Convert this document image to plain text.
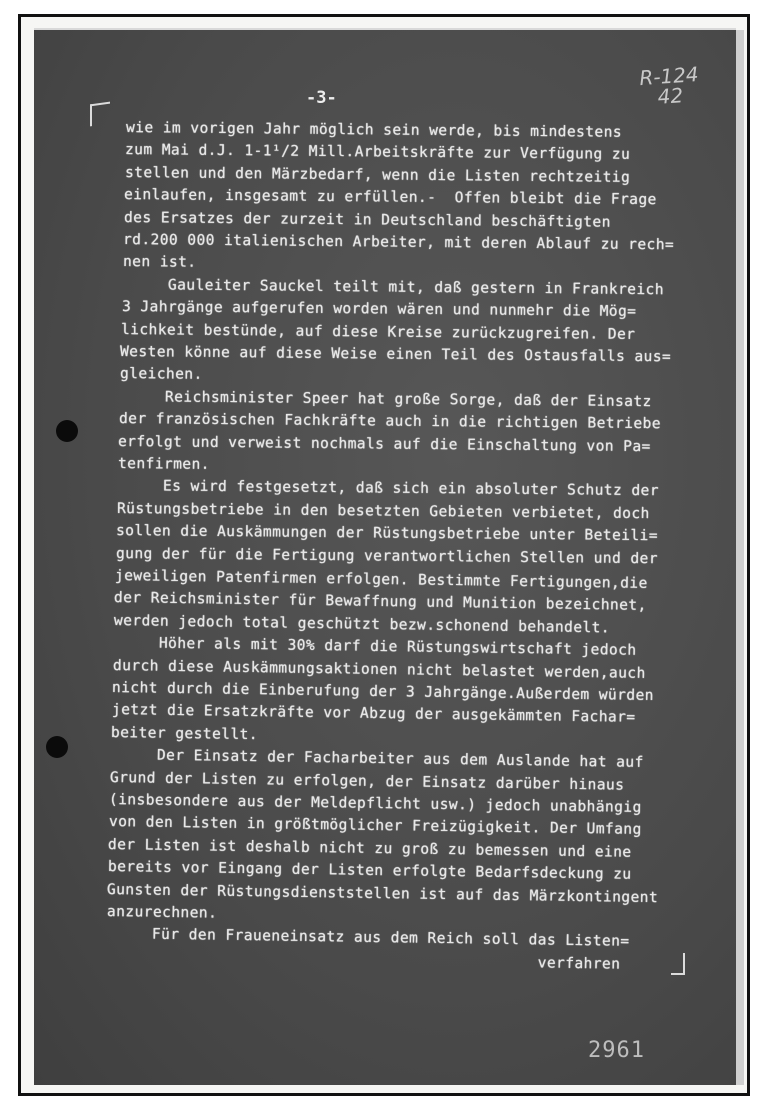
-3-
R-124
42
wie im vorigen Jahr möglich sein werde, bis mindestens
zum Mai d.J. 1-1¹/2 Mill.Arbeitskräfte zur Verfügung zu
stellen und den Märzbedarf, wenn die Listen rechtzeitig
einlaufen, insgesamt zu erfüllen.-  Offen bleibt die Frage
des Ersatzes der zurzeit in Deutschland beschäftigten
rd.200 000 italienischen Arbeiter, mit deren Ablauf zu rech=
nen ist.
Gauleiter Sauckel teilt mit, daß gestern in Frankreich
3 Jahrgänge aufgerufen worden wären und nunmehr die Mög=
lichkeit bestünde, auf diese Kreise zurückzugreifen. Der
Westen könne auf diese Weise einen Teil des Ostausfalls aus=
gleichen.
Reichsminister Speer hat große Sorge, daß der Einsatz
der französischen Fachkräfte auch in die richtigen Betriebe
erfolgt und verweist nochmals auf die Einschaltung von Pa=
tenfirmen.
Es wird festgesetzt, daß sich ein absoluter Schutz der
Rüstungsbetriebe in den besetzten Gebieten verbietet, doch
sollen die Auskämmungen der Rüstungsbetriebe unter Beteili=
gung der für die Fertigung verantwortlichen Stellen und der
jeweiligen Patenfirmen erfolgen. Bestimmte Fertigungen,die
der Reichsminister für Bewaffnung und Munition bezeichnet,
werden jedoch total geschützt bezw.schonend behandelt.
Höher als mit 30% darf die Rüstungswirtschaft jedoch
durch diese Auskämmungsaktionen nicht belastet werden,auch
nicht durch die Einberufung der 3 Jahrgänge.Außerdem würden
jetzt die Ersatzkräfte vor Abzug der ausgekämmten Fachar=
beiter gestellt.
Der Einsatz der Facharbeiter aus dem Auslande hat auf
Grund der Listen zu erfolgen, der Einsatz darüber hinaus
(insbesondere aus der Meldepflicht usw.) jedoch unabhängig
von den Listen in größtmöglicher Freizügigkeit. Der Umfang
der Listen ist deshalb nicht zu groß zu bemessen und eine
bereits vor Eingang der Listen erfolgte Bedarfsdeckung zu
Gunsten der Rüstungsdienststellen ist auf das Märzkontingent
anzurechnen.
Für den Fraueneinsatz aus dem Reich soll das Listen=
verfahren
2961
